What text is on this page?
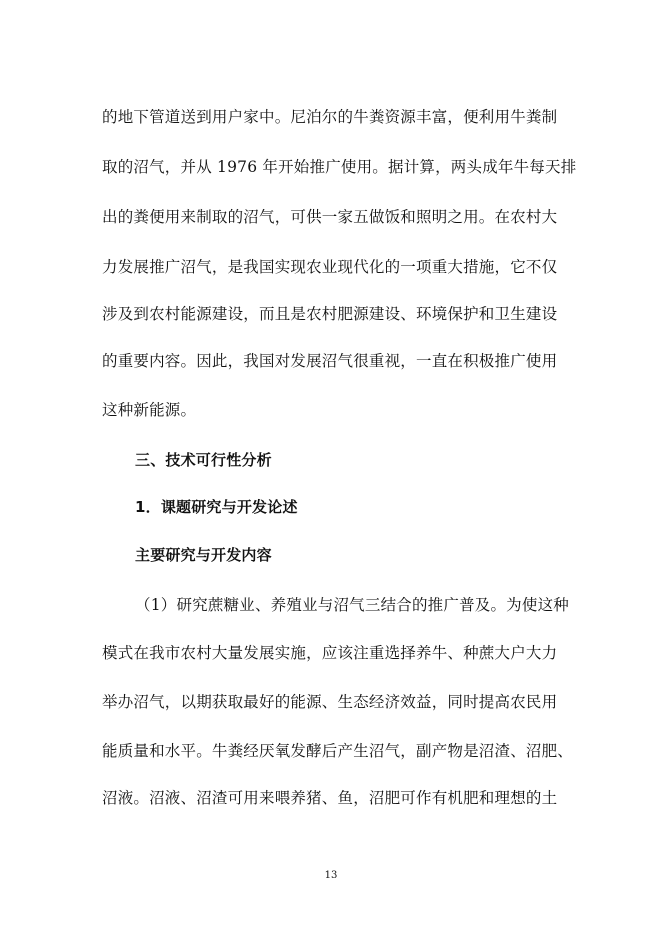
的地下管道送到用户家中。尼泊尔的牛粪资源丰富，便利用牛粪制
取的沼气，并从 1976 年开始推广使用。据计算，两头成年牛每天排
出的粪便用来制取的沼气，可供一家五做饭和照明之用。在农村大
力发展推广沼气，是我国实现农业现代化的一项重大措施，它不仅
涉及到农村能源建设，而且是农村肥源建设、环境保护和卫生建设
的重要内容。因此，我国对发展沼气很重视，一直在积极推广使用
这种新能源。
三、技术可行性分析
1．课题研究与开发论述
主要研究与开发内容
（1）研究蔗糖业、养殖业与沼气三结合的推广普及。为使这种
模式在我市农村大量发展实施，应该注重选择养牛、种蔗大户大力
举办沼气，以期获取最好的能源、生态经济效益，同时提高农民用
能质量和水平。牛粪经厌氧发酵后产生沼气，副产物是沼渣、沼肥、
沼液。沼液、沼渣可用来喂养猪、鱼，沼肥可作有机肥和理想的土
13
